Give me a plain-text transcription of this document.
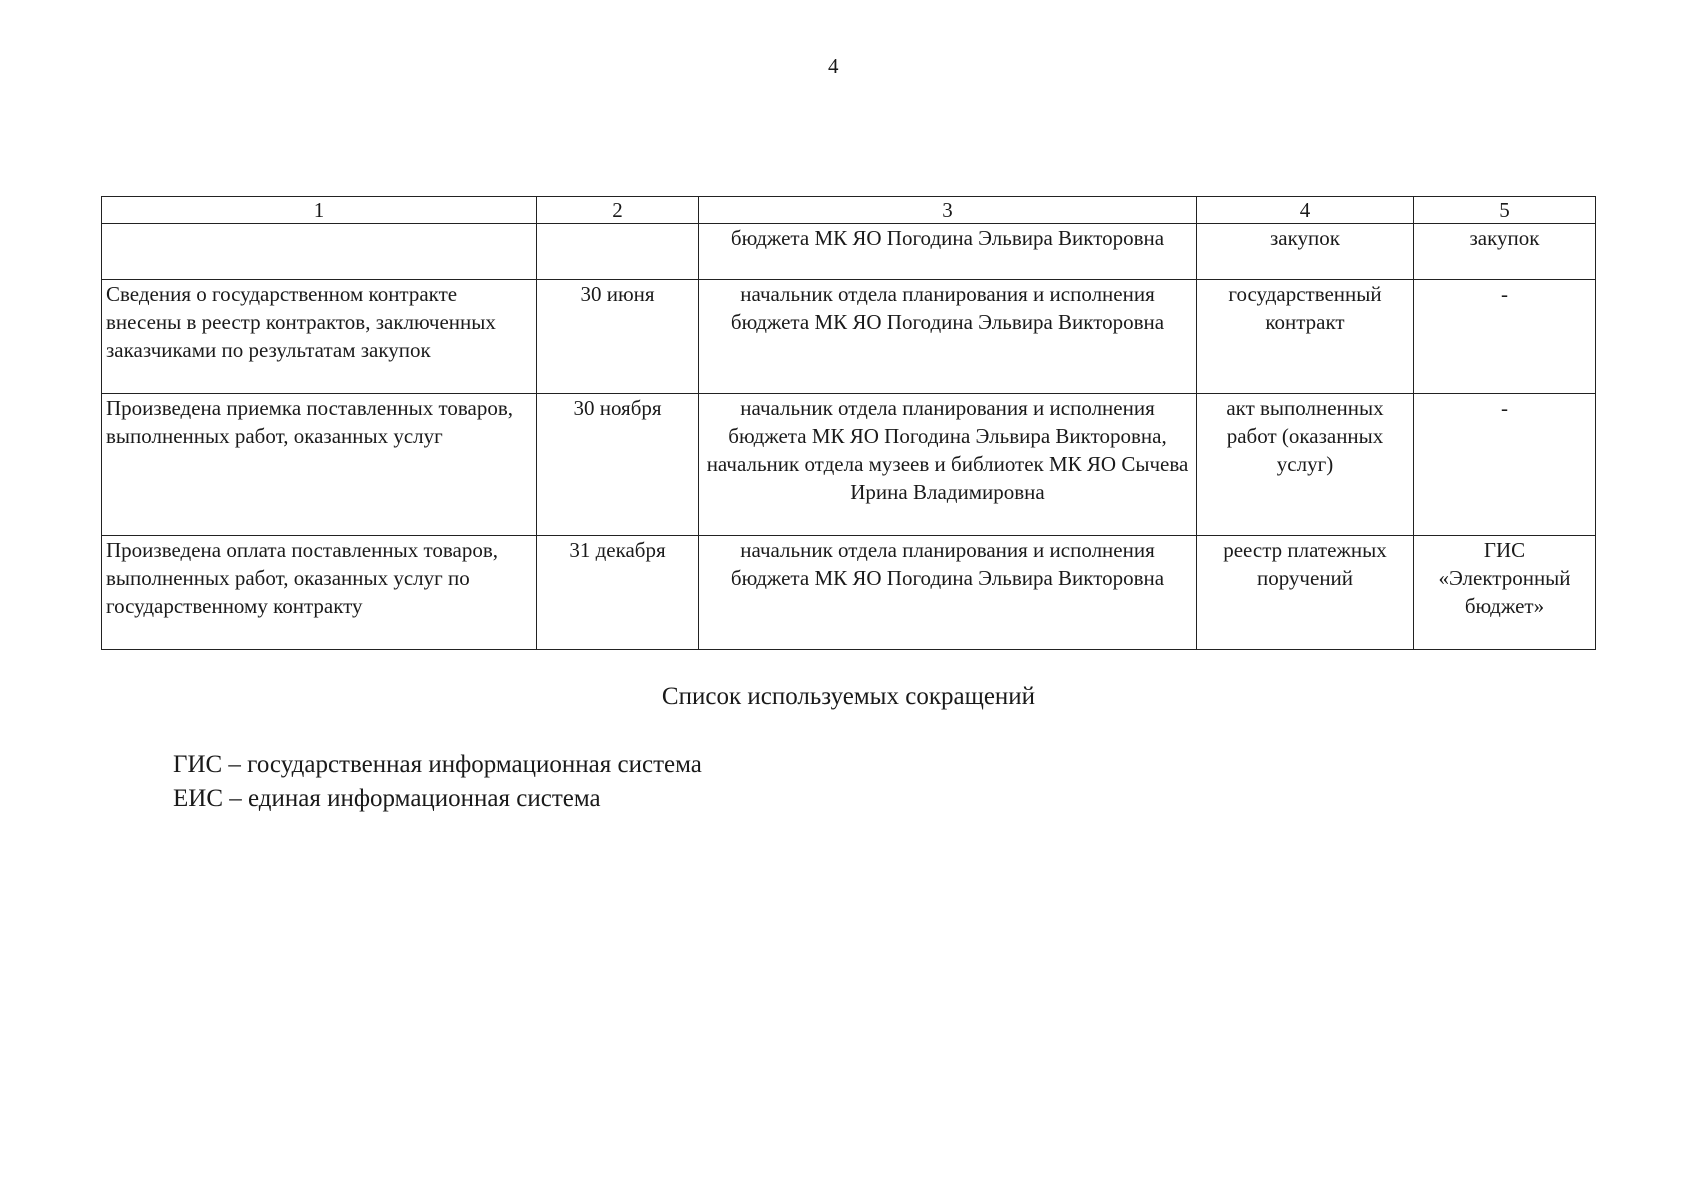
4
1	2	3	4	5
		бюджета МК ЯО Погодина Эльвира Викторовна	закупок	закупок
Сведения о государственном контракте внесены в реестр контрактов, заключенных заказчиками по результатам закупок	30 июня	начальник отдела планирования и исполнения бюджета МК ЯО Погодина Эльвира Викторовна	государственный контракт	-
Произведена приемка поставленных товаров, выполненных работ, оказанных услуг	30 ноября	начальник отдела планирования и исполнения бюджета МК ЯО Погодина Эльвира Викторовна, начальник отдела музеев и библиотек МК ЯО Сычева Ирина Владимировна	акт выполненных работ (оказанных услуг)	-
Произведена оплата поставленных товаров, выполненных работ, оказанных услуг по государственному контракту	31 декабря	начальник отдела планирования и исполнения бюджета МК ЯО Погодина Эльвира Викторовна	реестр платежных поручений	ГИС «Электронный бюджет»
Список используемых сокращений
ГИС – государственная информационная система
ЕИС – единая информационная система
